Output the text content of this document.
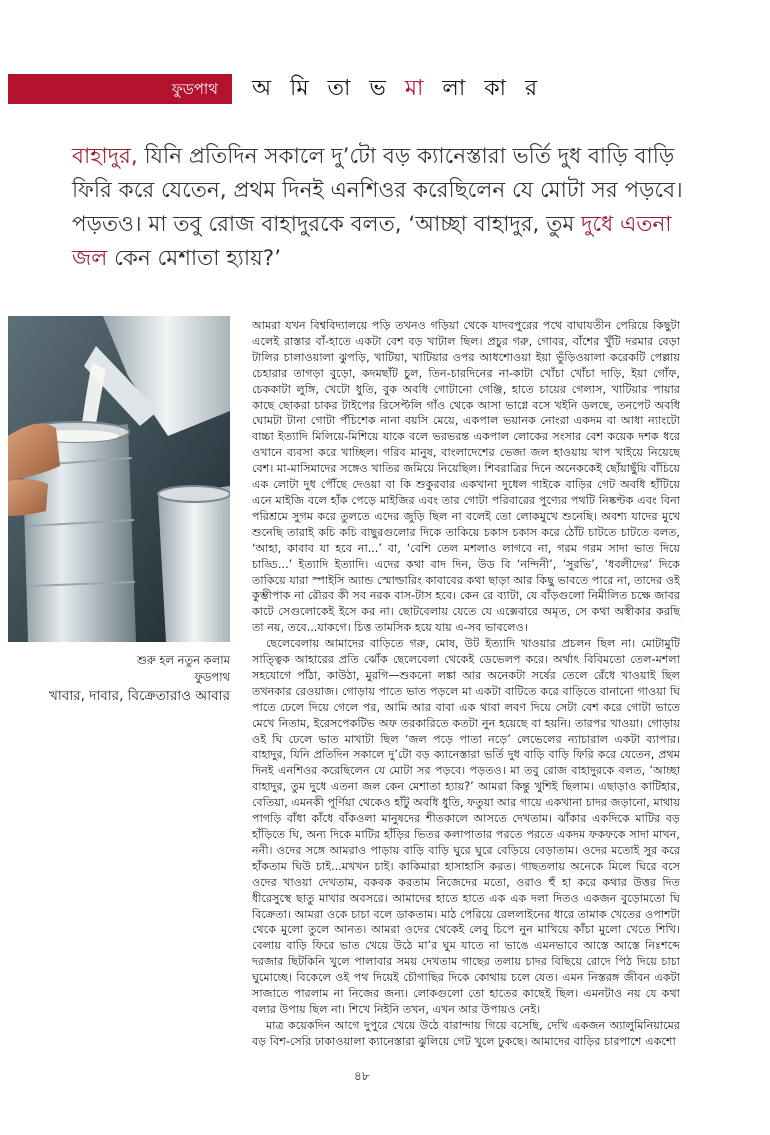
ফুডপাথ অ মি তা ভ মা লা কা র
বাহাদুর, যিনি প্রতিদিন সকালে দু’টো বড় ক্যানেস্তারা ভর্তি দুধ বাড়ি বাড়ি ফিরি করে যেতেন, প্রথম দিনই এনশিওর করেছিলেন যে মোটা সর পড়বে। পড়তও। মা তবু রোজ বাহাদুরকে বলত, ‘আচ্ছা বাহাদুর, তুম দুধে এতনা জল কেন মেশাতা হ্যায়?’
শুরু হল নতুন কলাম
ফুডপাথ
খাবার, দাবার, বিক্রেতারাও আবার

আমরা যখন বিশ্ববিদ্যালয়ে পড়ি তখনও গড়িয়া থেকে যাদবপুরের পথে বাঘাযতীন পেরিয়ে কিছুটা এলেই রাস্তার বাঁ-হাতে একটা বেশ বড় খাটাল ছিল। প্রচুর গরু, গোবর, বাঁশের খুঁটি দরমার বেড়া টালির চালাওয়ালা ঝুপড়ি, খাটিয়া, খাটিয়ার ওপর আধশোওয়া ইয়া ভুঁড়িওয়ালা করেকটি পেল্লায় চেহারার তাগড়া বুড়ো, কদমছাঁট চুল, তিন-চারদিনের না-কাটা খোঁচা খোঁচা দাড়ি, ইয়া গোঁফ, চেককাটা লুঙ্গি, খেটো ধুতি, বুক অবধি গোটানো গেঞ্জি, হাতে চায়ের গেলাস, খাটিয়ার পায়ার কাছে ছোকরা চাকর টাইপের রিসেপ্টলি গাঁও থেকে আসা ভাগ্নে বসে খইনি ডলছে, তনপেট অবধি ঘোমটা টানা গোটা পঁচিশেক নানা বয়সি মেয়ে, একপাল ভয়ানক নোংরা একদম বা আধা ন্যাংটো বাচ্চা ইত্যাদি মিলিয়ে-মিশিয়ে যাকে বলে ভরভরন্ত একপাল লোকের সংসার বেশ কয়েক দশক ধরে ওখানে ব্যবসা করে খাচ্ছিল। গরিব মানুষ, বাংলাদেশের ভেজা জল হাওয়ায় খাপ খাইয়ে নিয়েছে বেশ। মা-মাসিমাদের সঙ্গেও খাতির জমিয়ে নিয়েছিল। শিবরাত্রির দিনে অনেককেই ছোঁয়াছুঁয়ি বাঁচিয়ে এক লোটা দুধ পৌঁছে দেওয়া বা কি শুকুরবার একখানা দুধেল গাইকে বাড়ির গেট অবধি হাঁটিয়ে এনে মাইজি বলে হাঁক পেড়ে মাইজির এবং তার গোটা পরিবারের পুণ্যের পথটি নিষ্কণ্টক এবং বিনা পরিশ্রমে সুগম করে তুলতে এদের জুড়ি ছিল না বলেই তো লোকমুখে শুনেছি। অবশ্য যাদের মুখে শুনেছি তারাই কচি কচি বাছুরগুলোর দিকে তাকিয়ে চকাস চকাস করে ঠোঁট চাটতে চাটতে বলত, ‘আহা, কাবাব যা হবে না...’ বা, ‘বেশি তেল মশলাও লাগবে না, গরম গরম সাদা ভাত দিয়ে চাড্ডি...’ ইত্যাদি ইত্যাদি। এদের কথা বাদ দিন, উড বি ‘নন্দিনী’, ‘সুরভি’, ‘ধবলীদের’ দিকে তাকিয়ে যারা স্পাইসি অ্যান্ড স্মোল্ডারিং কাবাবের কথা ছাড়া আর কিছু ভাবতে পারে না, তাদের ওই কুম্ভীপাক না রৌরব কী সব নরক বাস-টাস হবে। কেন রে ব্যাটা, যে বাঁড়গুলো নিমীলিত চক্ষে জাবর কাটে সেগুলোকেই ইসে কর না। ছোটবেলায় যেতে যে এক্সেবারে অমৃত, সে কথা অস্বীকার করছি তা নয়, তবে...যাকগে। চিত্ত তামসিক হয়ে যায় এ-সব ভাবলেও।

ছেলেবেলায় আমাদের বাড়িতে গরু, মোষ, উট ইত্যাদি খাওয়ার প্রচলন ছিল না। মোটামুটি সাত্ত্বিক আহারের প্রতি ঝোঁক ছেলেবেলা থেকেই ডেভেলপ করে। অর্থাৎ বিবিমতো তেল-মশলা সহযোগে পাঁঠা, কাউঠা, মুরগি—শুকনো লঙ্কা আর অনেকটা সর্ষের তেলে রেঁধে খাওয়াই ছিল তখনকার রেওয়াজ। গোড়ায় পাতে ভাত পড়লে মা একটা বাটিতে করে বাড়িতে বানানো গাওয়া ঘি পাতে ঢেলে দিয়ে গেলে পর, আমি আর বাবা এক থাবা লবণ দিয়ে সেটা বেশ করে গোটা ভাতে মেখে নিতাম, ইরেসপেকটিভ অফ তরকারিতে কতটা নুন হয়েছে বা হয়নি। তারপর খাওয়া। গোড়ায় ওই ঘি ঢেলে ভাত মাখাটা ছিল ‘জল পড়ে পাতা নড়ে’ লেভেলের ন্যাচারাল একটা ব্যাপার। বাহাদুর, যিনি প্রতিদিন সকালে দু’টো বড় ক্যানেস্তারা ভর্তি দুধ বাড়ি বাড়ি ফিরি করে যেতেন, প্রথম দিনই এনশিওর করেছিলেন যে মোটা সর পড়বে। পড়তও। মা তবু রোজ বাহাদুরকে বলত, ‘আচ্ছা বাহাদুর, তুম দুধে এতনা জল কেন মেশাতা হ্যায়?’ আমরা কিন্তু খুশিই ছিলাম। এছাড়াও কাটিহার, বেতিয়া, এমনকী পূর্ণিয়া থেকেও হাঁটু অবধি ধুতি, ফতুয়া আর গায়ে একখানা চাদর জড়ানো, মাথায় পাগড়ি বাঁধা কাঁধে বাঁকওলা মানুষদের শীতকালে আসতে দেখতাম। ঝাঁকার একদিকে মাটির বড় হাঁড়িতে ঘি, অন্য দিকে মাটির হাঁড়ির ভিতর কলাপাতার পরতে পরতে একদম ফকফকে সাদা মাখন, ননী। ওদের সঙ্গে আমরাও পাড়ায় বাড়ি বাড়ি ঘুরে ঘুরে বেড়িয়ে বেড়াতাম। ওদের মতোই সুর করে হাঁকতাম ঘিউ চাই...মখখন চাই। কাকিমারা হাসাহাসি করত। গাছতলায় অনেকে মিলে ঘিরে বসে ওদের খাওয়া দেখতাম, বকবক করতাম নিজেদের মতো, ওরাও হুঁ হা করে কথার উত্তর দিত ধীরেসুস্থে ছাতু মাখার অবসরে। আমাদের হাতে হাতে এক এক দলা দিতও একজন বুড়োমতো ঘি বিক্রেতা। আমরা ওকে চাচা বলে ডাকতাম। মাঠ পেরিয়ে রেললাইনের ধারে তামাক খেতের ওপাশটা থেকে মুলো তুলে আনত। আমরা ওদের থেকেই লেবু চিপে নুন মাখিয়ে কাঁচা মুলো খেতে শিখি। বেলায় বাড়ি ফিরে ভাত খেয়ে উঠে মা’র ঘুম যাতে না ভাঙে এমনভাবে আস্তে আস্তে নিঃশব্দে দরজার ছিটকিনি খুলে পালাবার সময় দেখতাম গাছের তলায় চাদর বিছিয়ে রোদে পিঠ দিয়ে চাচা ঘুমোচ্ছে। বিকেলে ওই পথ দিয়েই চৌগাছির দিকে কোথায় চলে যেত। এমন নিস্তরঙ্গ জীবন একটা সাজাতে পারলাম না নিজের জন্য। লোকগুলো তো হাতের কাছেই ছিল। এমনটাও নয় যে কথা বলার উপায় ছিল না। শিখে নিইনি তখন, এখন আর উপায়ও নেই।

মাত্র কয়েকদিন আগে দুপুরে খেয়ে উঠে বারান্দায় গিয়ে বসেছি, দেখি একজন অ্যালুমিনিয়ামের বড় বিশ-সেরি ঢাকাওয়ালা ক্যানেস্তারা ঝুলিয়ে গেট খুলে ঢুকছে। আমাদের বাড়ির চারপাশে একশো

৪৮
